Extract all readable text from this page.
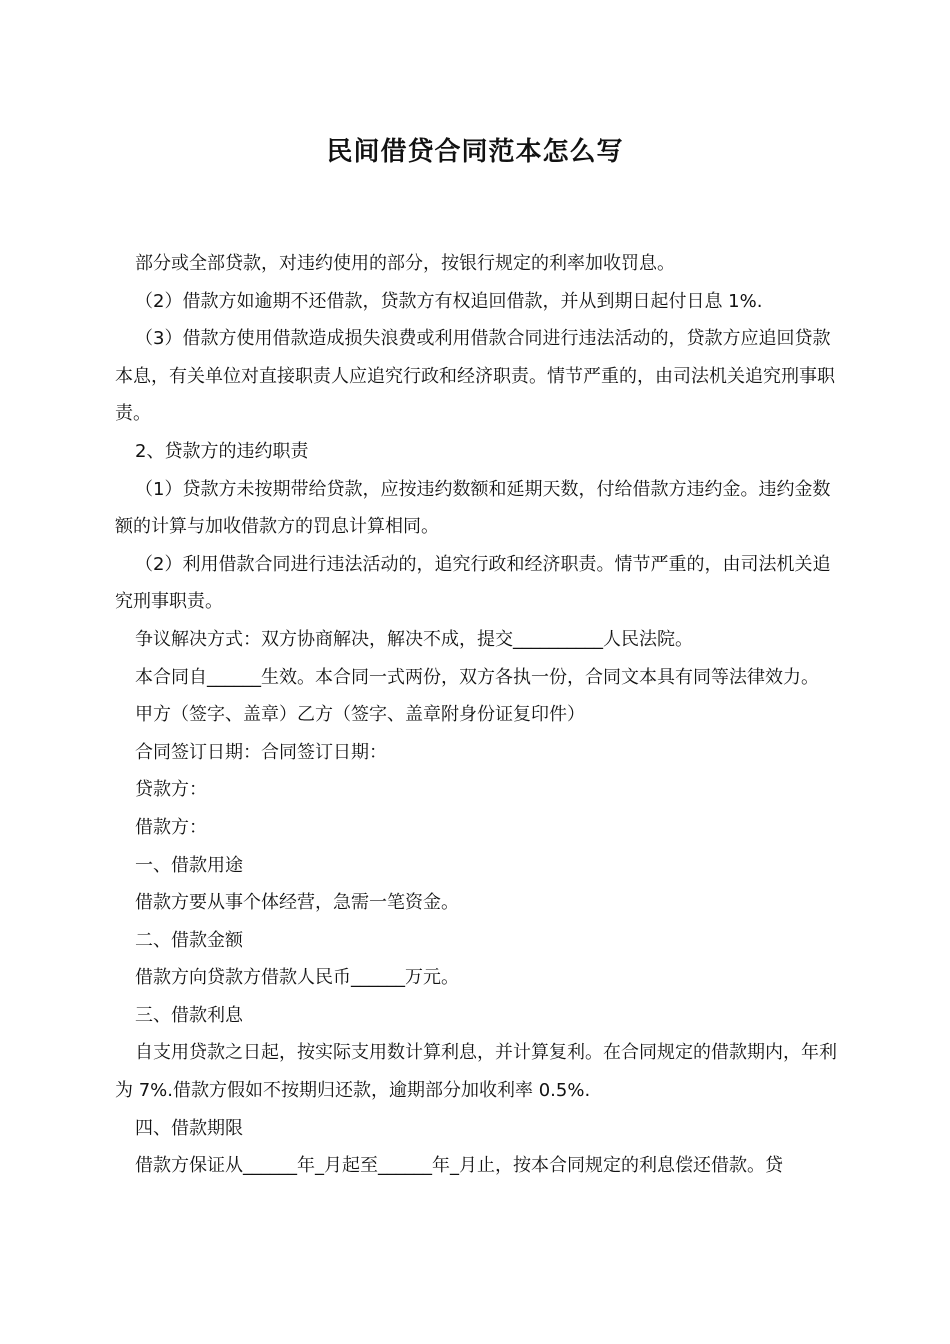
民间借贷合同范本怎么写

部分或全部贷款，对违约使用的部分，按银行规定的利率加收罚息。

（2）借款方如逾期不还借款，贷款方有权追回借款，并从到期日起付日息 1%.

（3）借款方使用借款造成损失浪费或利用借款合同进行违法活动的，贷款方应追回贷款本息，有关单位对直接职责人应追究行政和经济职责。情节严重的，由司法机关追究刑事职责。

2、贷款方的违约职责

（1）贷款方未按期带给贷款，应按违约数额和延期天数，付给借款方违约金。违约金数额的计算与加收借款方的罚息计算相同。

（2）利用借款合同进行违法活动的，追究行政和经济职责。情节严重的，由司法机关追究刑事职责。

争议解决方式：双方协商解决，解决不成，提交__________人民法院。

本合同自______生效。本合同一式两份，双方各执一份，合同文本具有同等法律效力。

甲方（签字、盖章）乙方（签字、盖章附身份证复印件）

合同签订日期：合同签订日期：

贷款方：

借款方：

一、借款用途

借款方要从事个体经营，急需一笔资金。

二、借款金额

借款方向贷款方借款人民币______万元。

三、借款利息

自支用贷款之日起，按实际支用数计算利息，并计算复利。在合同规定的借款期内，年利为 7%.借款方假如不按期归还款，逾期部分加收利率 0.5%.

四、借款期限

借款方保证从______年_月起至______年_月止，按本合同规定的利息偿还借款。贷
